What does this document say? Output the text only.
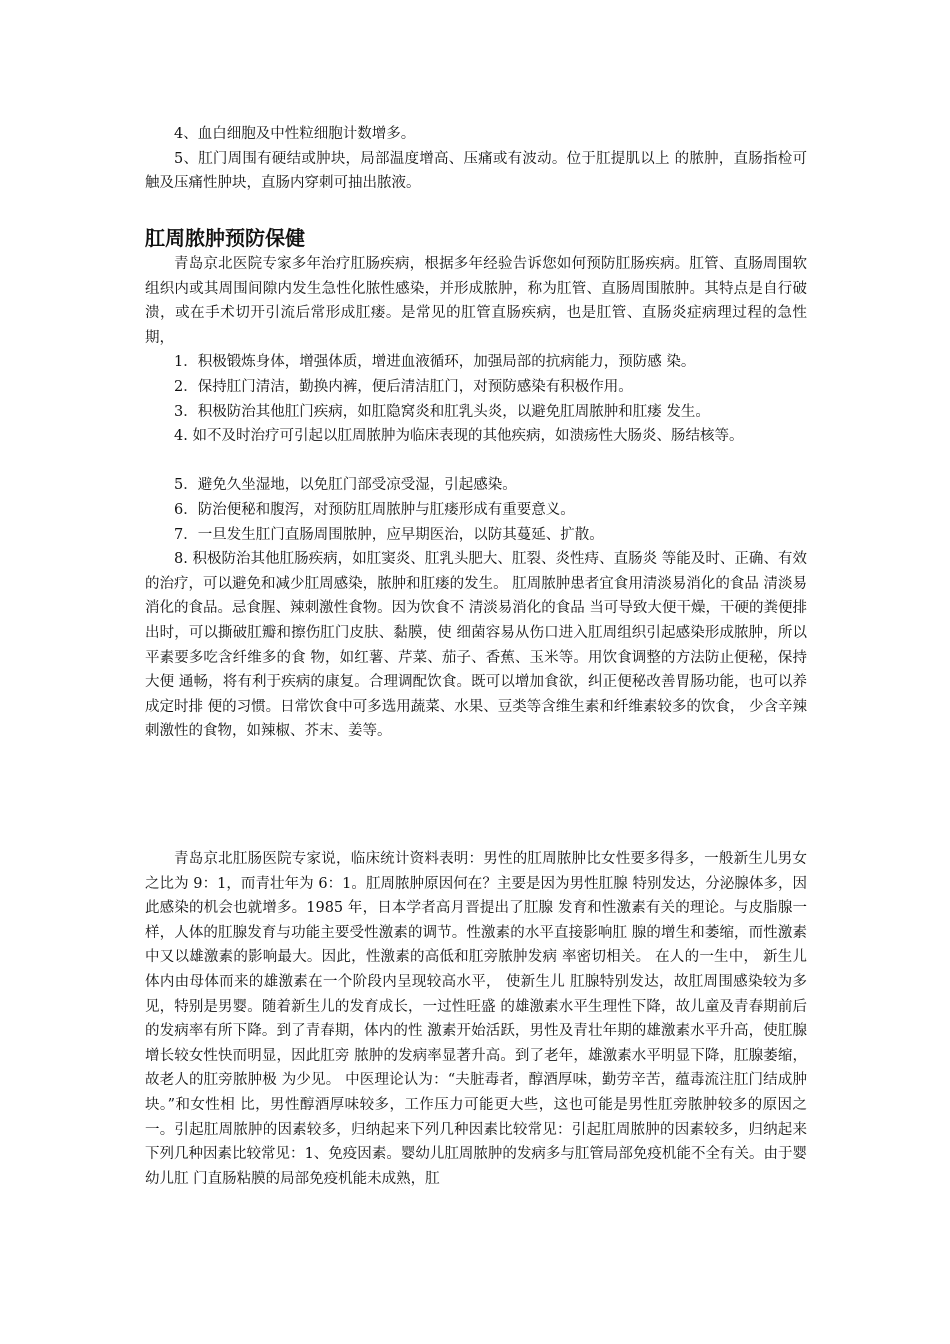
4、血白细胞及中性粒细胞计数增多。

5、肛门周围有硬结或肿块，局部温度增高、压痛或有波动。位于肛提肌以上 的脓肿，直肠指检可触及压痛性肿块，直肠内穿刺可抽出脓液。

肛周脓肿预防保健

青岛京北医院专家多年治疗肛肠疾病，根据多年经验告诉您如何预防肛肠疾病。肛管、直肠周围软组织内或其周围间隙内发生急性化脓性感染，并形成脓肿，称为肛管、直肠周围脓肿。其特点是自行破溃，或在手术切开引流后常形成肛瘘。是常见的肛管直肠疾病，也是肛管、直肠炎症病理过程的急性期，

1．积极锻炼身体，增强体质，增进血液循环，加强局部的抗病能力，预防感 染。

2．保持肛门清洁，勤换内裤，便后清洁肛门，对预防感染有积极作用。

3．积极防治其他肛门疾病，如肛隐窝炎和肛乳头炎，以避免肛周脓肿和肛瘘 发生。

4. 如不及时治疗可引起以肛周脓肿为临床表现的其他疾病，如溃疡性大肠炎、肠结核等。

5．避免久坐湿地，以免肛门部受凉受湿，引起感染。

6．防治便秘和腹泻，对预防肛周脓肿与肛瘘形成有重要意义。

7．一旦发生肛门直肠周围脓肿，应早期医治，以防其蔓延、扩散。

8. 积极防治其他肛肠疾病，如肛窦炎、肛乳头肥大、肛裂、炎性痔、直肠炎 等能及时、正确、有效的治疗，可以避免和减少肛周感染，脓肿和肛瘘的发生。 肛周脓肿患者宜食用清淡易消化的食品 清淡易消化的食品。忌食腥、辣刺激性食物。因为饮食不 清淡易消化的食品 当可导致大便干燥，干硬的粪便排出时，可以撕破肛瓣和擦伤肛门皮肤、黏膜，使 细菌容易从伤口进入肛周组织引起感染形成脓肿，所以平素要多吃含纤维多的食 物，如红薯、芹菜、茄子、香蕉、玉米等。用饮食调整的方法防止便秘，保持大便 通畅，将有利于疾病的康复。合理调配饮食。既可以增加食欲，纠正便秘改善胃肠功能，也可以养成定时排 便的习惯。日常饮食中可多选用蔬菜、水果、豆类等含维生素和纤维素较多的饮食， 少含辛辣刺激性的食物，如辣椒、芥末、姜等。

青岛京北肛肠医院专家说，临床统计资料表明：男性的肛周脓肿比女性要多得多，一般新生儿男女之比为 9：1，而青壮年为 6：1。肛周脓肿原因何在？主要是因为男性肛腺 特别发达，分泌腺体多，因此感染的机会也就增多。1985 年，日本学者高月晋提出了肛腺 发育和性激素有关的理论。与皮脂腺一样，人体的肛腺发育与功能主要受性激素的调节。性激素的水平直接影响肛 腺的增生和萎缩，而性激素中又以雄激素的影响最大。因此，性激素的高低和肛旁脓肿发病 率密切相关。 在人的一生中， 新生儿体内由母体而来的雄激素在一个阶段内呈现较高水平， 使新生儿 肛腺特别发达，故肛周围感染较为多见，特别是男婴。随着新生儿的发育成长，一过性旺盛 的雄激素水平生理性下降，故儿童及青春期前后的发病率有所下降。到了青春期，体内的性 激素开始活跃，男性及青壮年期的雄激素水平升高，使肛腺增长较女性快而明显，因此肛旁 脓肿的发病率显著升高。到了老年，雄激素水平明显下降，肛腺萎缩，故老人的肛旁脓肿极 为少见。 中医理论认为：“夫脏毒者，醇酒厚味，勤劳辛苦，蕴毒流注肛门结成肿块。”和女性相 比，男性醇酒厚味较多，工作压力可能更大些，这也可能是男性肛旁脓肿较多的原因之一。引起肛周脓肿的因素较多，归纳起来下列几种因素比较常见：引起肛周脓肿的因素较多，归纳起来下列几种因素比较常见：1、免疫因素。婴幼儿肛周脓肿的发病多与肛管局部免疫机能不全有关。由于婴幼儿肛 门直肠粘膜的局部免疫机能未成熟，肛
